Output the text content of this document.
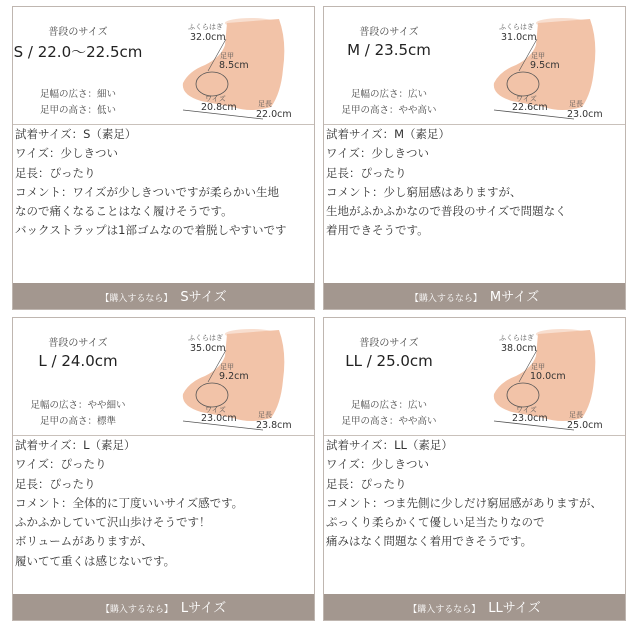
普段のサイズ
S / 22.0〜22.5cm
足幅の広さ：細い
足甲の高さ：低い
ふくらはぎ
32.0cm
足甲
8.5cm
ワイズ
20.8cm	足長
22.0cm
試着サイズ：S（素足）
ワイズ：少しきつい
足長：ぴったり
コメント：ワイズが少しきついですが柔らかい生地
なので痛くなることはなく履けそうです。
バックストラップは1部ゴムなので着脱しやすいです
【購入するなら】 Sサイズ
普段のサイズ
M / 23.5cm
足幅の広さ：広い
足甲の高さ：やや高い
ふくらはぎ
31.0cm
足甲
9.5cm
ワイズ
22.6cm	足長
23.0cm
試着サイズ：M（素足）
ワイズ：少しきつい
足長：ぴったり
コメント：少し窮屈感はありますが、
生地がふかふかなので普段のサイズで問題なく
着用できそうです。
【購入するなら】 Mサイズ
普段のサイズ
L / 24.0cm
足幅の広さ：やや細い
足甲の高さ：標準
ふくらはぎ
35.0cm
足甲
9.2cm
ワイズ
23.0cm	足長
23.8cm
試着サイズ：L（素足）
ワイズ：ぴったり
足長：ぴったり
コメント：全体的に丁度いいサイズ感です。
ふかふかしていて沢山歩けそうです！
ボリュームがありますが、
履いてて重くは感じないです。
【購入するなら】 Lサイズ
普段のサイズ
LL / 25.0cm
足幅の広さ：広い
足甲の高さ：やや高い
ふくらはぎ
38.0cm
足甲
10.0cm
ワイズ
23.0cm	足長
25.0cm
試着サイズ：LL（素足）
ワイズ：少しきつい
足長：ぴったり
コメント：つま先側に少しだけ窮屈感がありますが、
ぷっくり柔らかくて優しい足当たりなので
痛みはなく問題なく着用できそうです。
【購入するなら】 LLサイズ
